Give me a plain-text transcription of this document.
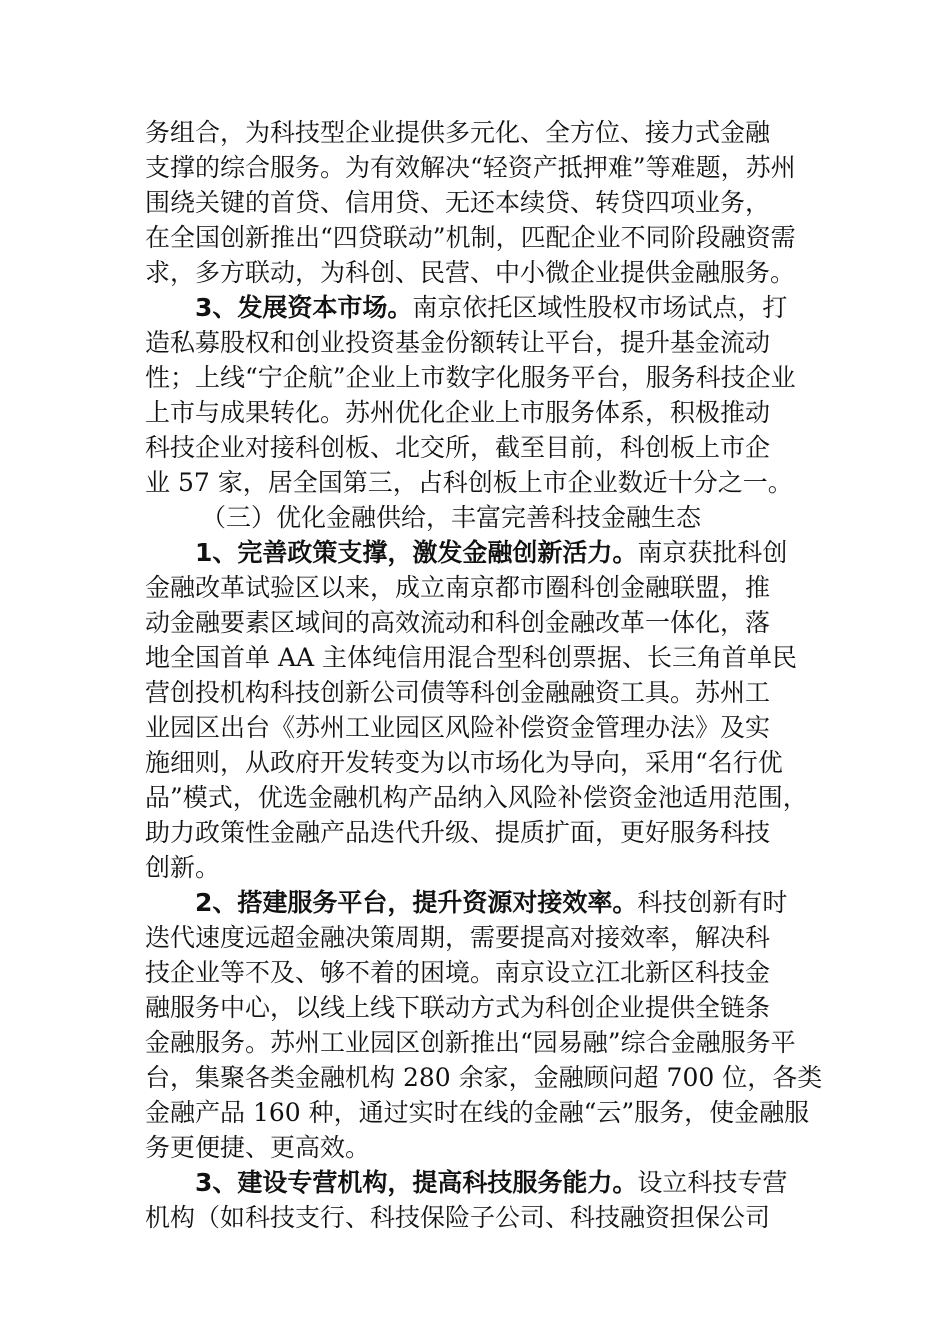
务组合，为科技型企业提供多元化、全方位、接力式金融
支撑的综合服务。为有效解决“轻资产抵押难”等难题，苏州
围绕关键的首贷、信用贷、无还本续贷、转贷四项业务，
在全国创新推出“四贷联动”机制，匹配企业不同阶段融资需
求，多方联动，为科创、民营、中小微企业提供金融服务。
3、发展资本市场。南京依托区域性股权市场试点，打
造私募股权和创业投资基金份额转让平台，提升基金流动
性；上线“宁企航”企业上市数字化服务平台，服务科技企业
上市与成果转化。苏州优化企业上市服务体系，积极推动
科技企业对接科创板、北交所，截至目前，科创板上市企
业 57 家，居全国第三，占科创板上市企业数近十分之一。
（三）优化金融供给，丰富完善科技金融生态
1、完善政策支撑，激发金融创新活力。南京获批科创
金融改革试验区以来，成立南京都市圈科创金融联盟，推
动金融要素区域间的高效流动和科创金融改革一体化，落
地全国首单 AA 主体纯信用混合型科创票据、长三角首单民
营创投机构科技创新公司债等科创金融融资工具。苏州工
业园区出台《苏州工业园区风险补偿资金管理办法》及实
施细则，从政府开发转变为以市场化为导向，采用“名行优
品”模式，优选金融机构产品纳入风险补偿资金池适用范围，
助力政策性金融产品迭代升级、提质扩面，更好服务科技
创新。
2、搭建服务平台，提升资源对接效率。科技创新有时
迭代速度远超金融决策周期，需要提高对接效率，解决科
技企业等不及、够不着的困境。南京设立江北新区科技金
融服务中心，以线上线下联动方式为科创企业提供全链条
金融服务。苏州工业园区创新推出“园易融”综合金融服务平
台，集聚各类金融机构 280 余家，金融顾问超 700 位，各类
金融产品 160 种，通过实时在线的金融“云”服务，使金融服
务更便捷、更高效。
3、建设专营机构，提高科技服务能力。设立科技专营
机构（如科技支行、科技保险子公司、科技融资担保公司
